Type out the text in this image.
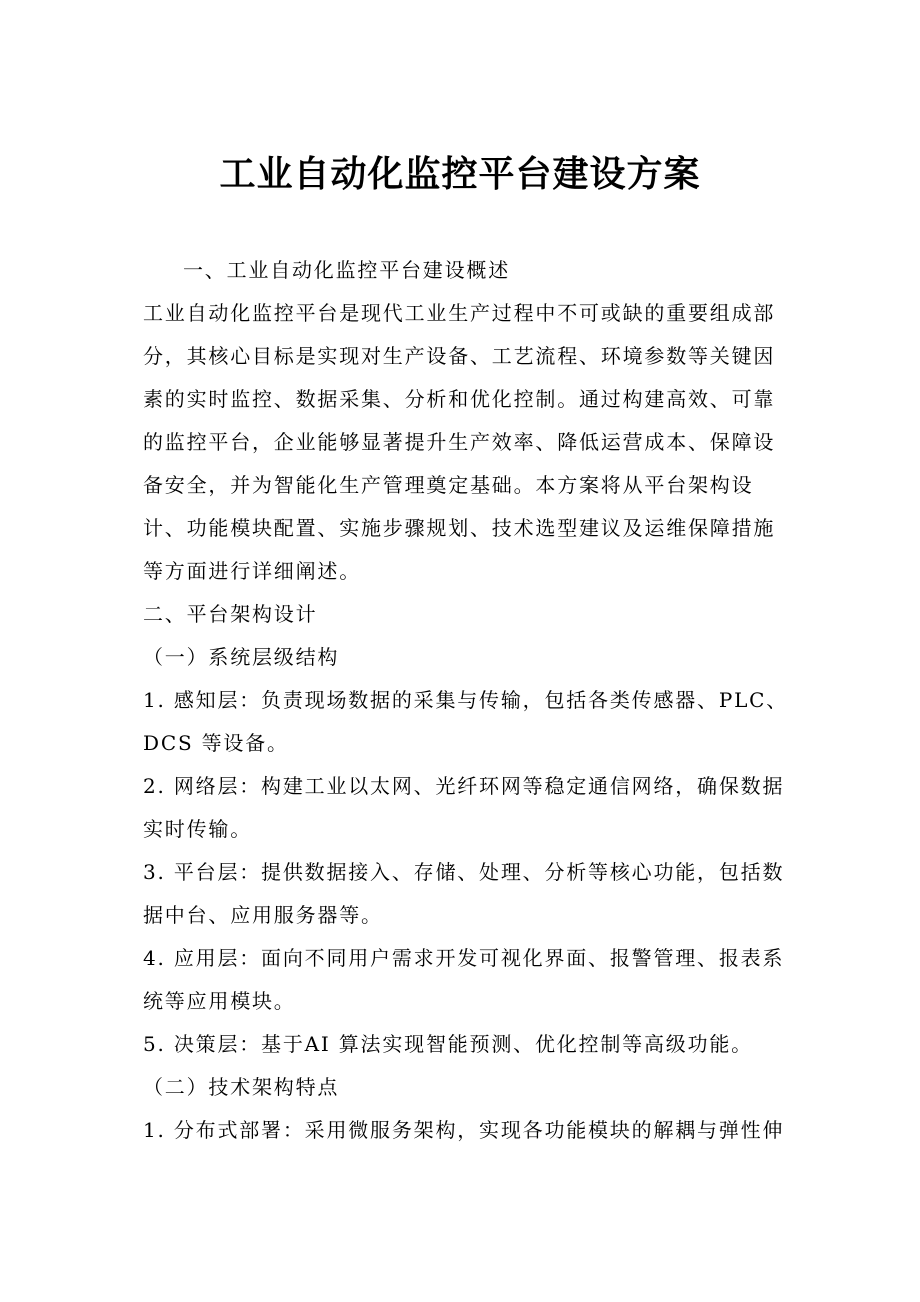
工业自动化监控平台建设方案
一、工业自动化监控平台建设概述
工业自动化监控平台是现代工业生产过程中不可或缺的重要组成部
分，其核心目标是实现对生产设备、工艺流程、环境参数等关键因
素的实时监控、数据采集、分析和优化控制。通过构建高效、可靠
的监控平台，企业能够显著提升生产效率、降低运营成本、保障设
备安全，并为智能化生产管理奠定基础。本方案将从平台架构设
计、功能模块配置、实施步骤规划、技术选型建议及运维保障措施
等方面进行详细阐述。
二、平台架构设计
（一）系统层级结构
1. 感知层：负责现场数据的采集与传输，包括各类传感器、PLC、
DCS 等设备。
2. 网络层：构建工业以太网、光纤环网等稳定通信网络，确保数据
实时传输。
3. 平台层：提供数据接入、存储、处理、分析等核心功能，包括数
据中台、应用服务器等。
4. 应用层：面向不同用户需求开发可视化界面、报警管理、报表系
统等应用模块。
5. 决策层：基于AI 算法实现智能预测、优化控制等高级功能。
（二）技术架构特点
1. 分布式部署：采用微服务架构，实现各功能模块的解耦与弹性伸
